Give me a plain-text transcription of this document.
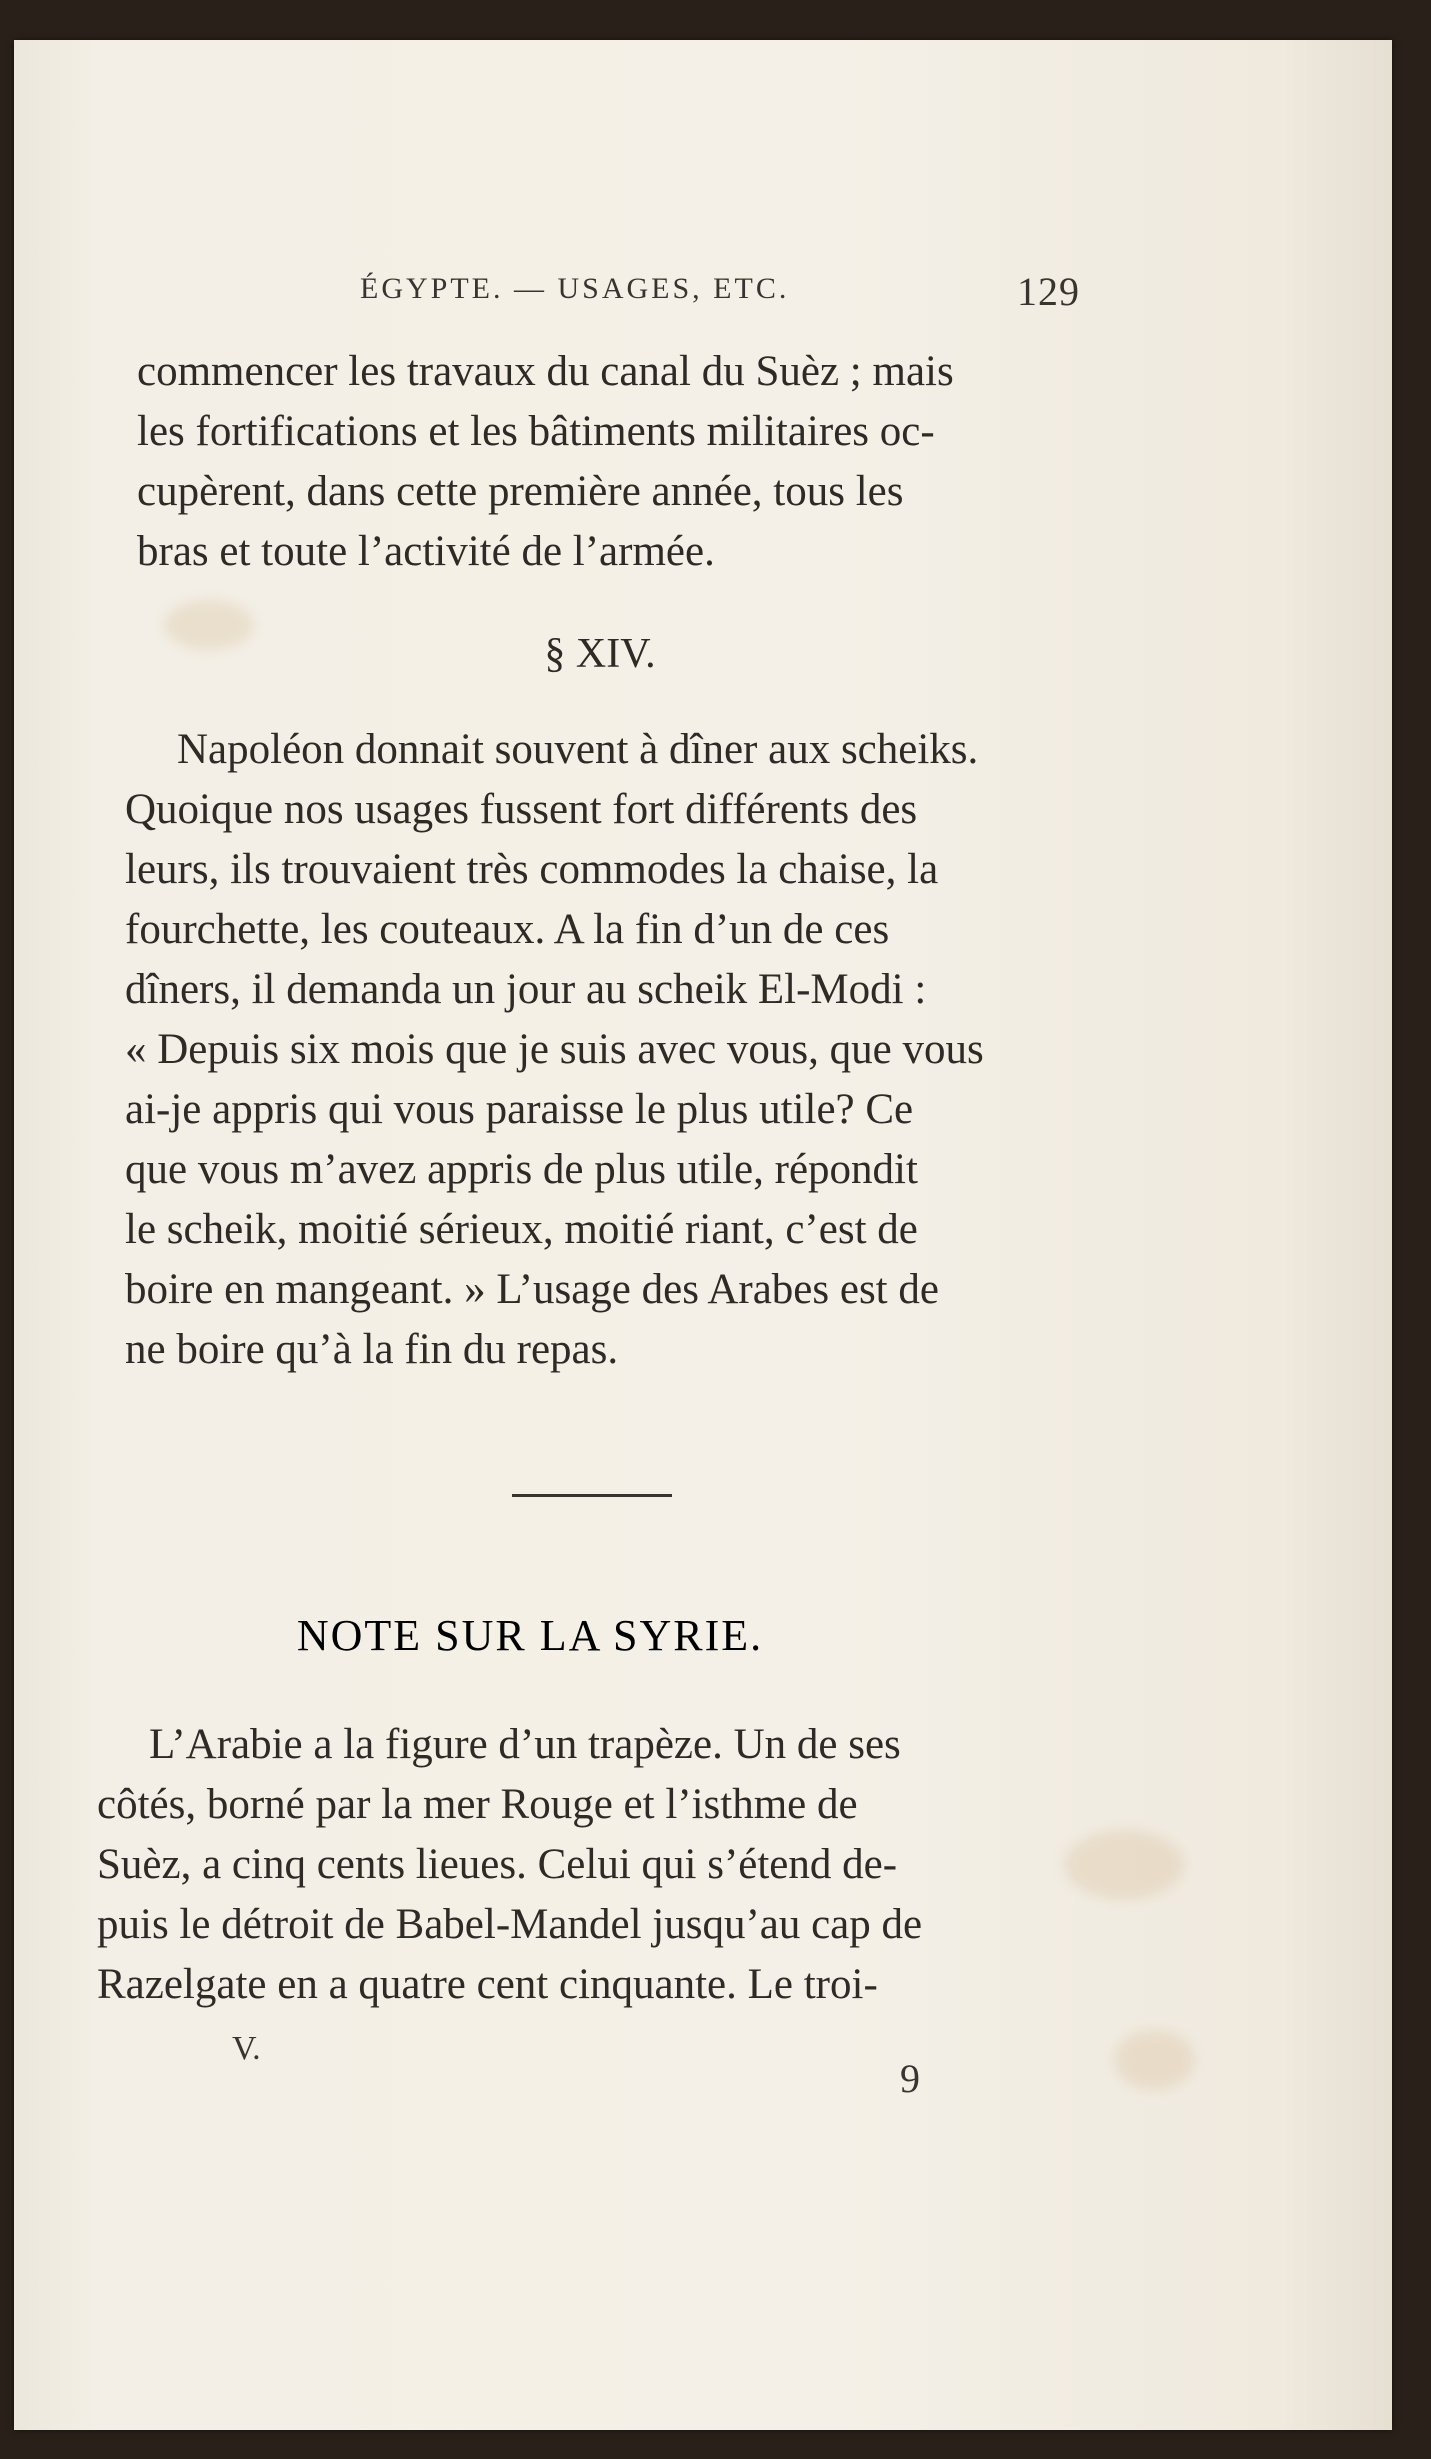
ÉGYPTE. — USAGES, ETC.	129
commencer les travaux du canal du Suèz ; mais
les fortifications et les bâtiments militaires oc-
cupèrent, dans cette première année, tous les
bras et toute l’activité de l’armée.
§ XIV.
Napoléon donnait souvent à dîner aux scheiks.
Quoique nos usages fussent fort différents des
leurs, ils trouvaient très commodes la chaise, la
fourchette, les couteaux. A la fin d’un de ces
dîners, il demanda un jour au scheik El-Modi :
« Depuis six mois que je suis avec vous, que vous
ai-je appris qui vous paraisse le plus utile? Ce
que vous m’avez appris de plus utile, répondit
le scheik, moitié sérieux, moitié riant, c’est de
boire en mangeant. » L’usage des Arabes est de
ne boire qu’à la fin du repas.
NOTE SUR LA SYRIE.
L’Arabie a la figure d’un trapèze. Un de ses
côtés, borné par la mer Rouge et l’isthme de
Suèz, a cinq cents lieues. Celui qui s’étend de-
puis le détroit de Babel-Mandel jusqu’au cap de
Razelgate en a quatre cent cinquante. Le troi-
V.
9
